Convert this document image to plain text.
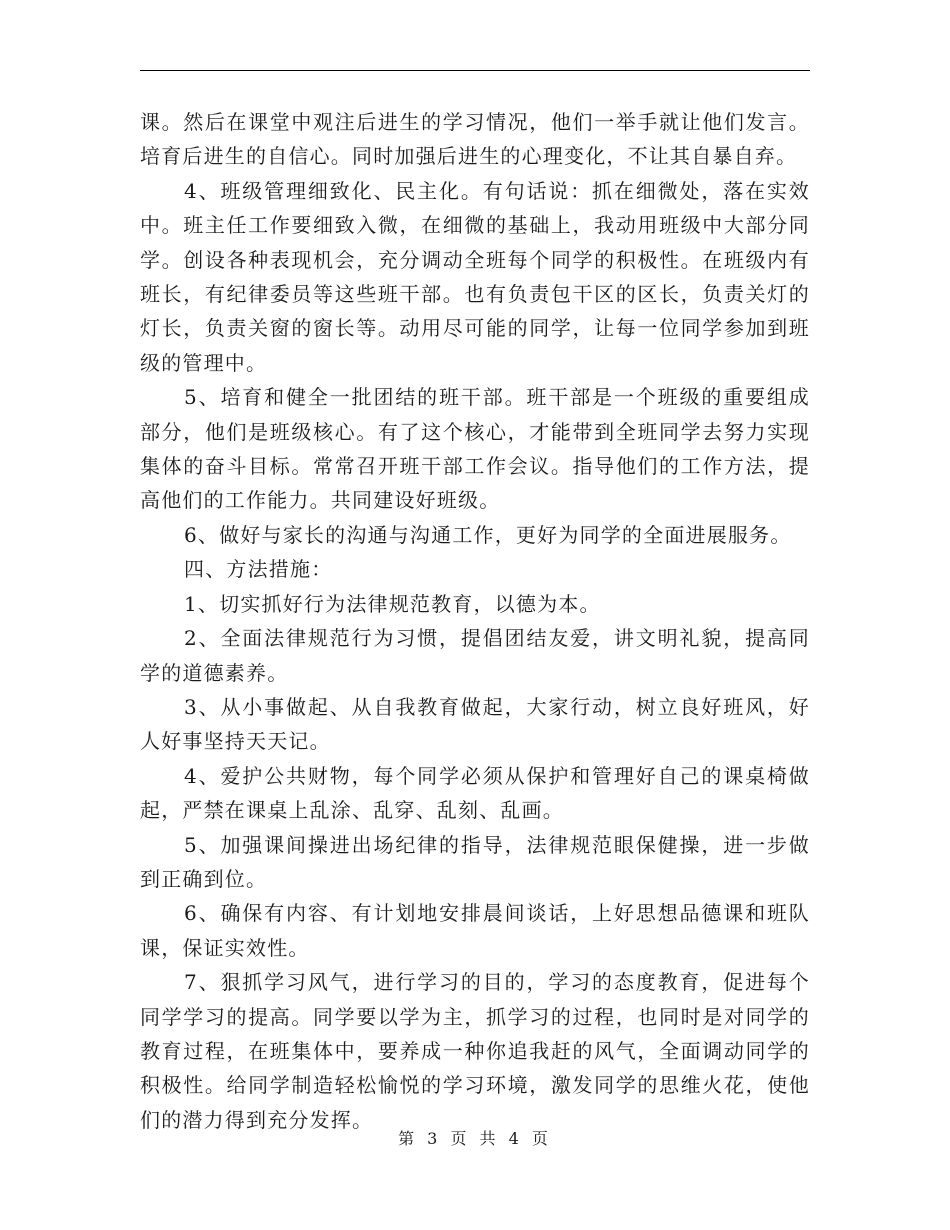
课。然后在课堂中观注后进生的学习情况，他们一举手就让他们发言。培育后进生的自信心。同时加强后进生的心理变化，不让其自暴自弃。

4、班级管理细致化、民主化。有句话说：抓在细微处，落在实效中。班主任工作要细致入微，在细微的基础上，我动用班级中大部分同学。创设各种表现机会，充分调动全班每个同学的积极性。在班级内有班长，有纪律委员等这些班干部。也有负责包干区的区长，负责关灯的灯长，负责关窗的窗长等。动用尽可能的同学，让每一位同学参加到班级的管理中。

5、培育和健全一批团结的班干部。班干部是一个班级的重要组成部分，他们是班级核心。有了这个核心，才能带到全班同学去努力实现集体的奋斗目标。常常召开班干部工作会议。指导他们的工作方法，提高他们的工作能力。共同建设好班级。

6、做好与家长的沟通与沟通工作，更好为同学的全面进展服务。

四、方法措施：

1、切实抓好行为法律规范教育，以德为本。

2、全面法律规范行为习惯，提倡团结友爱，讲文明礼貌，提高同学的道德素养。

3、从小事做起、从自我教育做起，大家行动，树立良好班风，好人好事坚持天天记。

4、爱护公共财物，每个同学必须从保护和管理好自己的课桌椅做起，严禁在课桌上乱涂、乱穿、乱刻、乱画。

5、加强课间操进出场纪律的指导，法律规范眼保健操，进一步做到正确到位。

6、确保有内容、有计划地安排晨间谈话，上好思想品德课和班队课，保证实效性。

7、狠抓学习风气，进行学习的目的，学习的态度教育，促进每个同学学习的提高。同学要以学为主，抓学习的过程，也同时是对同学的教育过程，在班集体中，要养成一种你追我赶的风气，全面调动同学的积极性。给同学制造轻松愉悦的学习环境，激发同学的思维火花，使他们的潜力得到充分发挥。

第 3 页 共 4 页
